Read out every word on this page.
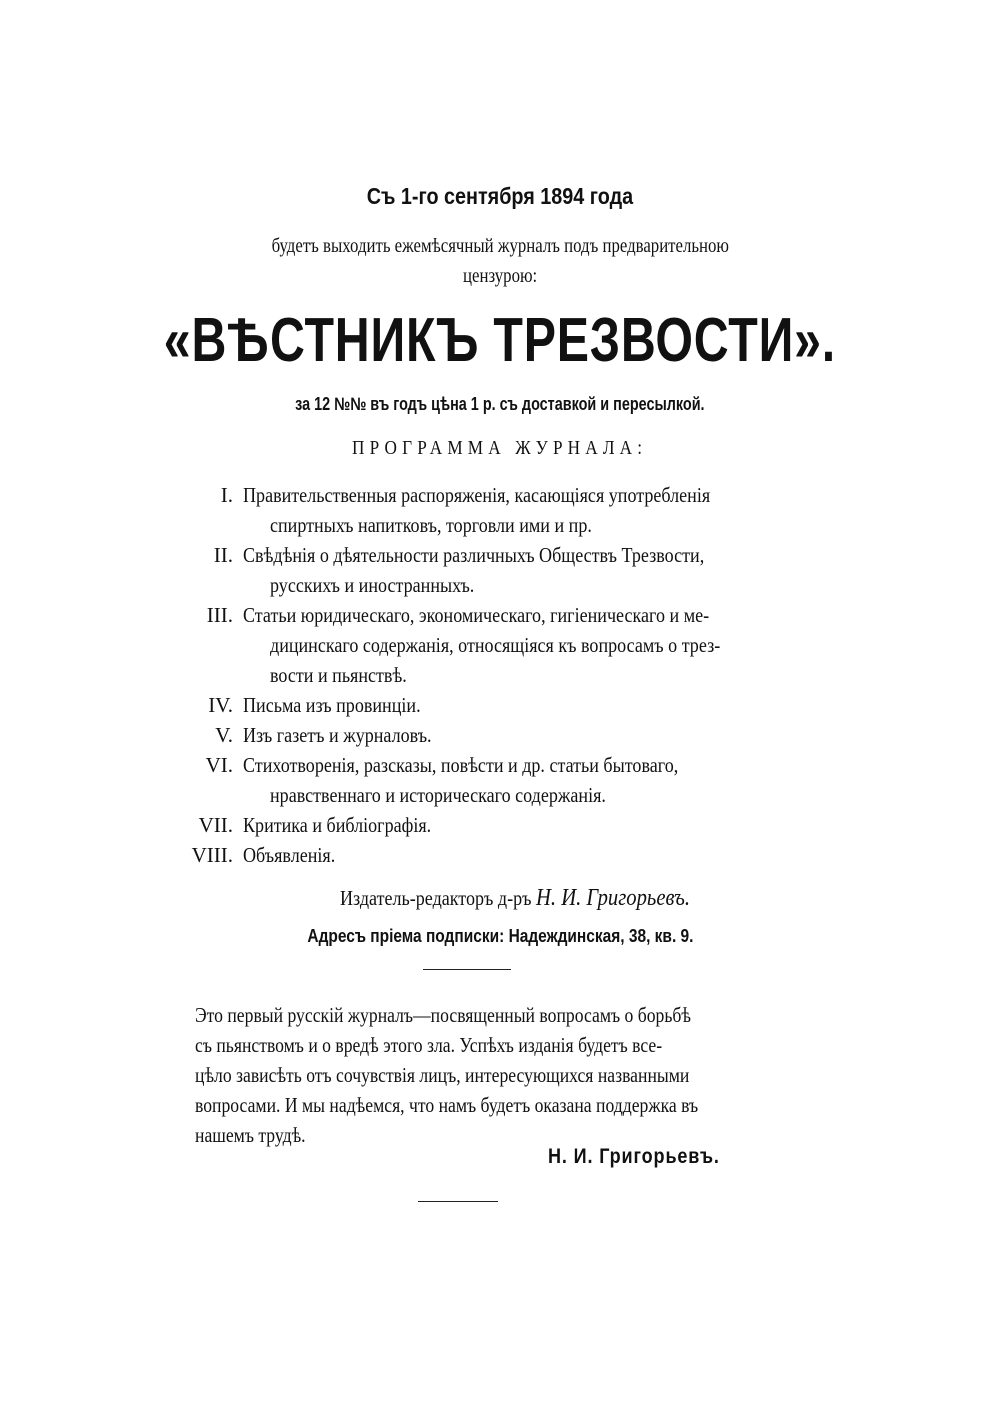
Съ 1-го сентября 1894 года
будетъ выходить ежемѣсячный журналъ подъ предварительною
цензурою:
«ВѢСТНИКЪ ТРЕЗВОСТИ».
за 12 №№ въ годъ цѣна 1 р. съ доставкой и пересылкой.
ПРОГРАММА ЖУРНАЛА:
I. Правительственныя распоряженія, касающіяся употребленія
спиртныхъ напитковъ, торговли ими и пр.
II. Свѣдѣнія о дѣятельности различныхъ Обществъ Трезвости,
русскихъ и иностранныхъ.
III. Статьи юридическаго, экономическаго, гигіеническаго и ме-
дицинскаго содержанія, относящіяся къ вопросамъ о трез-
вости и пьянствѣ.
IV. Письма изъ провинціи.
V. Изъ газетъ и журналовъ.
VI. Стихотворенія, разсказы, повѣсти и др. статьи бытоваго,
нравственнаго и историческаго содержанія.
VII. Критика и библіографія.
VIII. Объявленія.
Издатель-редакторъ д-ръ Н. И. Григорьевъ.
Адресъ пріема подписки: Надеждинская, 38, кв. 9.
Это первый русскій журналъ—посвященный вопросамъ о борьбѣ
съ пьянствомъ и о вредѣ этого зла. Успѣхъ изданія будетъ все-
цѣло зависѣть отъ сочувствія лицъ, интересующихся названными
вопросами. И мы надѣемся, что намъ будетъ оказана поддержка въ
нашемъ трудѣ.
Н. И. Григорьевъ.
